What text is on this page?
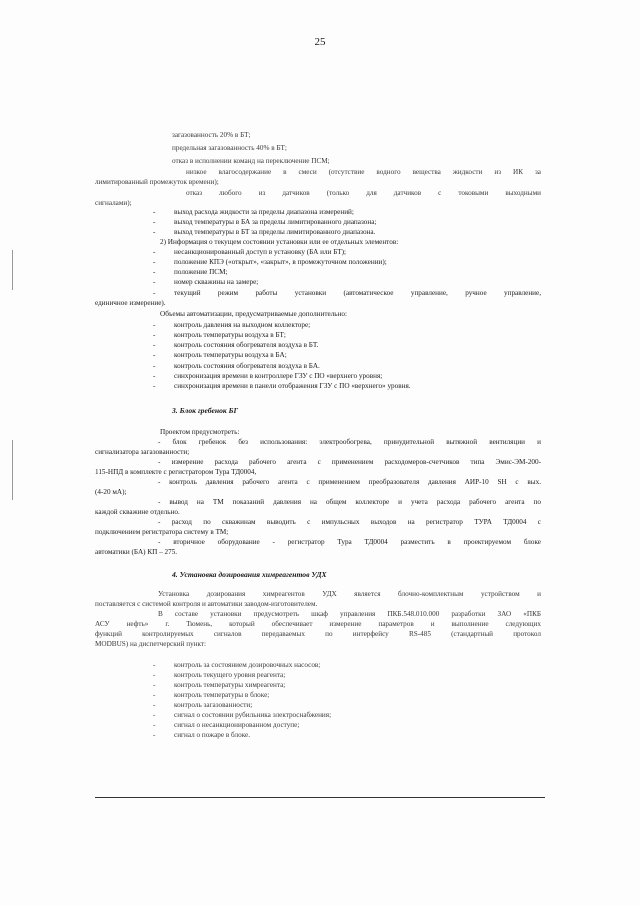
25
загазованность 20% в БТ;
предельная загазованность 40% в БТ;
отказ в исполнении команд на переключение ПСМ;
низкое влагосодержание в смеси (отсутствие водного вещества жидкости из ИК за
лимитированный промежуток времени);
отказ любого из датчиков (только для датчиков с токовыми выходными
сигналами);
-	выход расхода жидкости за пределы диапазона измерений;
-	выход температуры в БА за пределы лимитированного диапазона;
-	выход температуры в БТ за пределы лимитированного диапазона.
2) Информация о текущем состоянии установки или ее отдельных элементов:
-	несанкционированный доступ в установку (БА или БТ);
-	положение КПЭ («открыт», «закрыт», в промежуточном положении);
-	положение ПСМ;
-	номер скважины на замере;
-	текущий режим работы установки (автоматическое управление, ручное управление,
единичное измерение).
Объемы автоматизации, предусматриваемые дополнительно:
-	контроль давления на выходном коллекторе;
-	контроль температуры воздуха в БТ;
-	контроль состояния обогревателя воздуха в БТ.
-	контроль температуры воздуха в БА;
-	контроль состояния обогревателя воздуха в БА.
-	синхронизация времени в контроллере ГЗУ с ПО «верхнего уровня;
-	синхронизация времени в панели отображения ГЗУ с ПО «верхнего» уровня.
3. Блок гребенок БГ
Проектом предусмотреть:
- блок гребенок без использования: электрообогрева, принудительной вытяжной вентиляции и
сигнализатора загазованности;
- измерение расхода рабочего агента с применением расходомеров-счетчиков типа Эмис-ЭМ-200-
115-НПД в комплекте с регистратором Тура ТД0004,
- контроль давления рабочего агента с применением преобразователя давления АИР-10 SH с вых.
(4-20 мА);
- вывод на ТМ показаний давления на общем коллекторе и учета расхода рабочего агента по
каждой скважине отдельно.
- расход по скважинам выводить с импульсных выходов на регистратор ТУРА ТД0004 с
подключением регистратора систему в ТМ;
- вторичное оборудование - регистратор Тура ТД0004 разместить в проектируемом блоке
автоматики (БА) КП – 275.
4. Установка дозирования химреагентов УДХ
Установка дозирования химреагентов УДХ является блочно-комплектным устройством и
поставляется с системой контроля и автоматики заводом-изготовителем.
В составе установки предусмотреть шкаф управления ПКБ.548.010.000 разработки ЗАО «ПКБ
АСУ нефть» г. Тюмень, который обеспечивает измерение параметров и выполнение следующих
функций контролируемых сигналов передаваемых по интерфейсу RS-485 (стандартный протокол
MODBUS) на диспетчерский пункт:
-	контроль за состоянием дозировочных насосов;
-	контроль текущего уровня реагента;
-	контроль температуры химреагента;
-	контроль температуры в блоке;
-	контроль загазованности;
-	сигнал о состоянии рубильника электроснабжения;
-	сигнал о несанкционированном доступе;
-	сигнал о пожаре в блоке.
